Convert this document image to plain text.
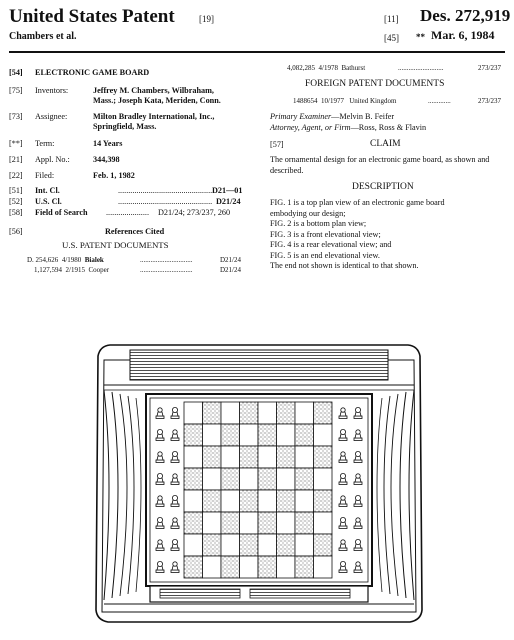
United States Patent	[19]	[11] Des. 272,919
Chambers et al.	[45] ** Mar. 6, 1984
[54] ELECTRONIC GAME BOARD
[75] Inventors:	Jeffrey M. Chambers, Wilbraham,
Mass.; Joseph Kata, Meriden, Conn.
[73] Assignee:	Milton Bradley International, Inc.,
Springfield, Mass.
[**] Term:	14 Years
[21] Appl. No.:	344,398
[22] Filed:	Feb. 1, 1982
[51] Int. Cl.	.............................................. D21—01
[52] U.S. Cl.	.............................................. D21/24
[58] Field of Search ..................... D21/24; 273/237, 260
[56]	References Cited
U.S. PATENT DOCUMENTS
D. 254,626 4/1980 Bialek	..............................	D21/24
1,127,594 2/1915 Cooper	..............................	D21/24
4,082,285 4/1978 Bathurst	..........................	273/237
FOREIGN PATENT DOCUMENTS
1488654 10/1977 United Kingdom	.............	273/237
Primary Examiner—Melvin B. Feifer
Attorney, Agent, or Firm—Ross, Ross & Flavin
[57]	CLAIM
The ornamental design for an electronic game board, as shown and described.
DESCRIPTION
FIG. 1 is a top plan view of an electronic game board
embodying our design;
FIG. 2 is a bottom plan view;
FIG. 3 is a front elevational view;
FIG. 4 is a rear elevational view; and
FIG. 5 is an end elevational view.
The end not shown is identical to that shown.
